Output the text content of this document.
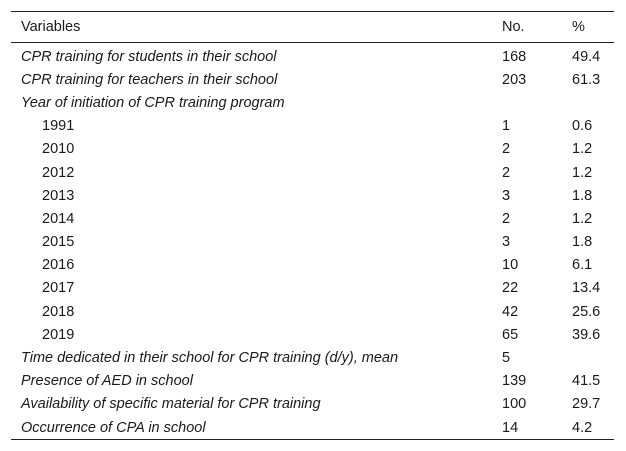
Variables	No.	%
CPR training for students in their school	168	49.4
CPR training for teachers in their school	203	61.3
Year of initiation of CPR training program		
1991	1	0.6
2010	2	1.2
2012	2	1.2
2013	3	1.8
2014	2	1.2
2015	3	1.8
2016	10	6.1
2017	22	13.4
2018	42	25.6
2019	65	39.6
Time dedicated in their school for CPR training (d/y), mean	5	
Presence of AED in school	139	41.5
Availability of specific material for CPR training	100	29.7
Occurrence of CPA in school	14	4.2
